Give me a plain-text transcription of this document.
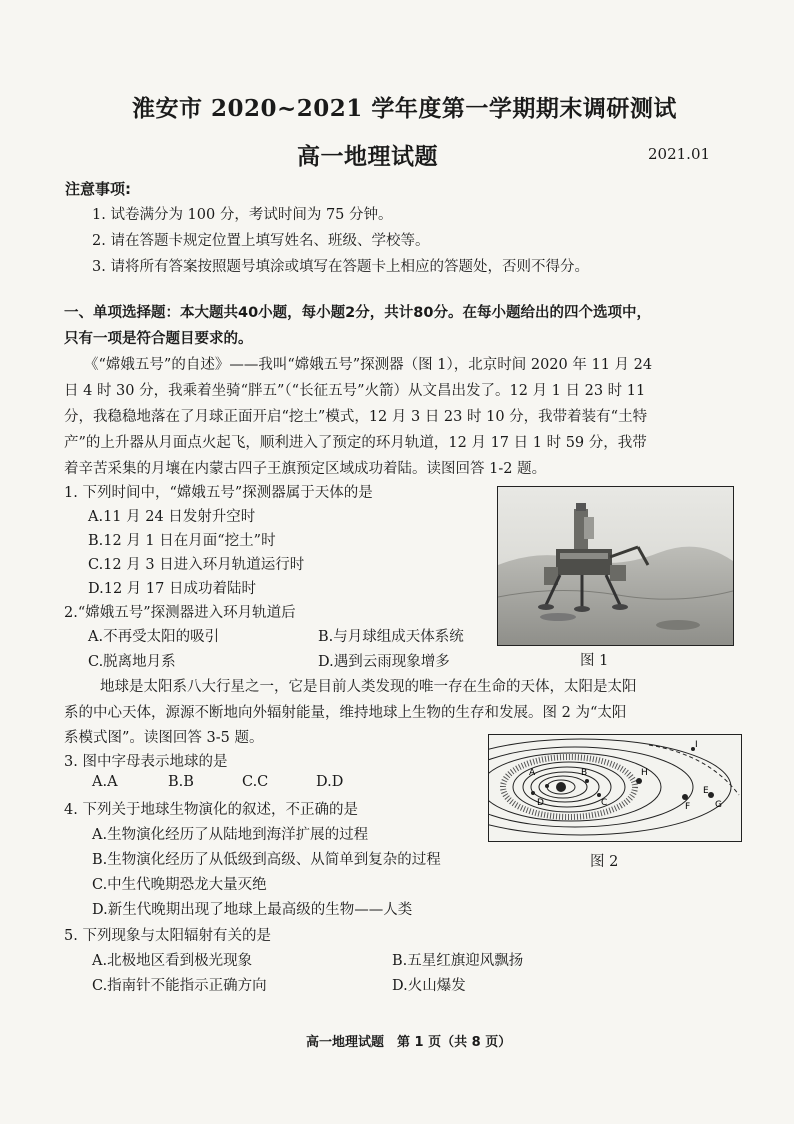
淮安市 2020~2021 学年度第一学期期末调研测试
高一地理试题	2021.01
注意事项:
1. 试卷满分为 100 分，考试时间为 75 分钟。
2. 请在答题卡规定位置上填写姓名、班级、学校等。
3. 请将所有答案按照题号填涂或填写在答题卡上相应的答题处，否则不得分。
一、单项选择题：本大题共40小题，每小题2分，共计80分。在每小题给出的四个选项中，
只有一项是符合题目要求的。
《“嫦娥五号”的自述》——我叫“嫦娥五号”探测器（图 1），北京时间 2020 年 11 月 24
日 4 时 30 分，我乘着坐骑“胖五”（“长征五号”火箭）从文昌出发了。12 月 1 日 23 时 11
分，我稳稳地落在了月球正面开启“挖土”模式，12 月 3 日 23 时 10 分，我带着装有“土特
产”的上升器从月面点火起飞，顺利进入了预定的环月轨道，12 月 17 日 1 时 59 分，我带
着辛苦采集的月壤在内蒙古四子王旗预定区域成功着陆。读图回答 1-2 题。
1. 下列时间中，“嫦娥五号”探测器属于天体的是
A.11 月 24 日发射升空时
B.12 月 1 日在月面“挖土”时
C.12 月 3 日进入环月轨道运行时
D.12 月 17 日成功着陆时
2.“嫦娥五号”探测器进入环月轨道后
A.不再受太阳的吸引	B.与月球组成天体系统
C.脱离地月系	D.遇到云雨现象增多	图 1
地球是太阳系八大行星之一，它是目前人类发现的唯一存在生命的天体，太阳是太阳
系的中心天体，源源不断地向外辐射能量，维持地球上生物的生存和发展。图 2 为“太阳
系模式图”。读图回答 3-5 题。
3. 图中字母表示地球的是
A.A	B.B	C.C	D.D
4. 下列关于地球生物演化的叙述，不正确的是
A.生物演化经历了从陆地到海洋扩展的过程
B.生物演化经历了从低级到高级、从简单到复杂的过程
C.中生代晚期恐龙大量灭绝
D.新生代晚期出现了地球上最高级的生物——人类
A	B
C
D
E
F	G
H
I
图 2
5. 下列现象与太阳辐射有关的是
A.北极地区看到极光现象	B.五星红旗迎风飘扬
C.指南针不能指示正确方向	D.火山爆发
高一地理试题　第 1 页（共 8 页）
